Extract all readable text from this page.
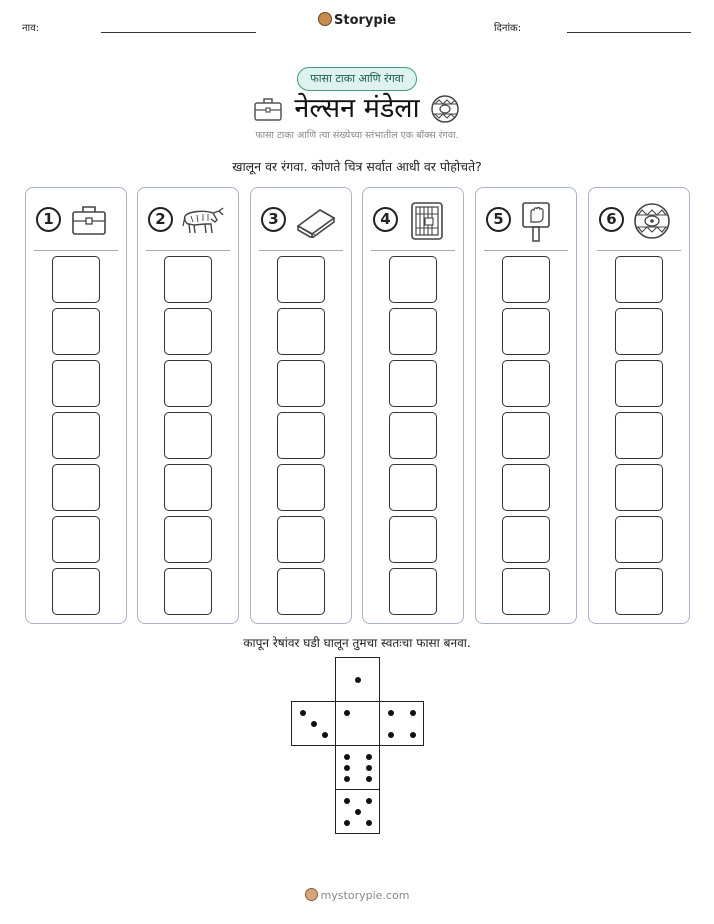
नाव:
Storypie
दिनांक:
फासा टाका आणि रंगवा
नेल्सन मंडेला
फासा टाका आणि त्या संख्येच्या स्तंभातील एक बॉक्स रंगवा.
खालून वर रंगवा. कोणते चित्र सर्वात आधी वर पोहोचते?
1	2	3	4	5	6
कापून रेषांवर घडी घालून तुमचा स्वतःचा फासा बनवा.
mystorypie.com
